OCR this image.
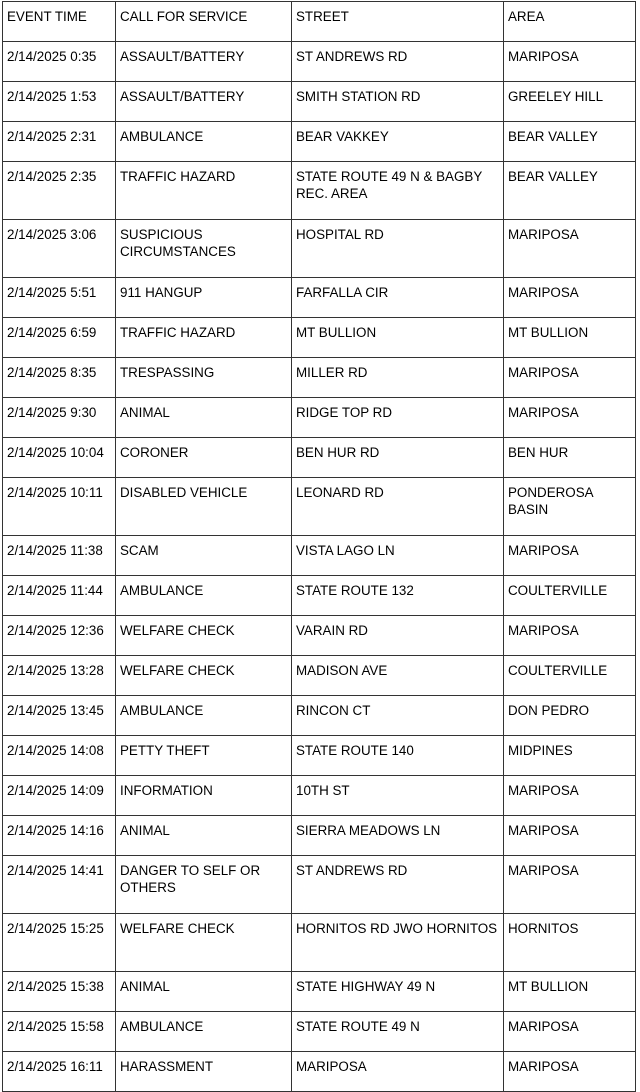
EVENT TIME	CALL FOR SERVICE	STREET	AREA
2/14/2025 0:35	ASSAULT/BATTERY	ST ANDREWS RD	MARIPOSA
2/14/2025 1:53	ASSAULT/BATTERY	SMITH STATION RD	GREELEY HILL
2/14/2025 2:31	AMBULANCE	BEAR VAKKEY	BEAR VALLEY
2/14/2025 2:35	TRAFFIC HAZARD	STATE ROUTE 49 N & BAGBY REC. AREA	BEAR VALLEY
2/14/2025 3:06	SUSPICIOUS CIRCUMSTANCES	HOSPITAL RD	MARIPOSA
2/14/2025 5:51	911 HANGUP	FARFALLA CIR	MARIPOSA
2/14/2025 6:59	TRAFFIC HAZARD	MT BULLION	MT BULLION
2/14/2025 8:35	TRESPASSING	MILLER RD	MARIPOSA
2/14/2025 9:30	ANIMAL	RIDGE TOP RD	MARIPOSA
2/14/2025 10:04	CORONER	BEN HUR RD	BEN HUR
2/14/2025 10:11	DISABLED VEHICLE	LEONARD RD	PONDEROSA BASIN
2/14/2025 11:38	SCAM	VISTA LAGO LN	MARIPOSA
2/14/2025 11:44	AMBULANCE	STATE ROUTE 132	COULTERVILLE
2/14/2025 12:36	WELFARE CHECK	VARAIN RD	MARIPOSA
2/14/2025 13:28	WELFARE CHECK	MADISON AVE	COULTERVILLE
2/14/2025 13:45	AMBULANCE	RINCON CT	DON PEDRO
2/14/2025 14:08	PETTY THEFT	STATE ROUTE 140	MIDPINES
2/14/2025 14:09	INFORMATION	10TH ST	MARIPOSA
2/14/2025 14:16	ANIMAL	SIERRA MEADOWS LN	MARIPOSA
2/14/2025 14:41	DANGER TO SELF OR OTHERS	ST ANDREWS RD	MARIPOSA
2/14/2025 15:25	WELFARE CHECK	HORNITOS RD JWO HORNITOS	HORNITOS
2/14/2025 15:38	ANIMAL	STATE HIGHWAY 49 N	MT BULLION
2/14/2025 15:58	AMBULANCE	STATE ROUTE 49 N	MARIPOSA
2/14/2025 16:11	HARASSMENT	MARIPOSA	MARIPOSA
